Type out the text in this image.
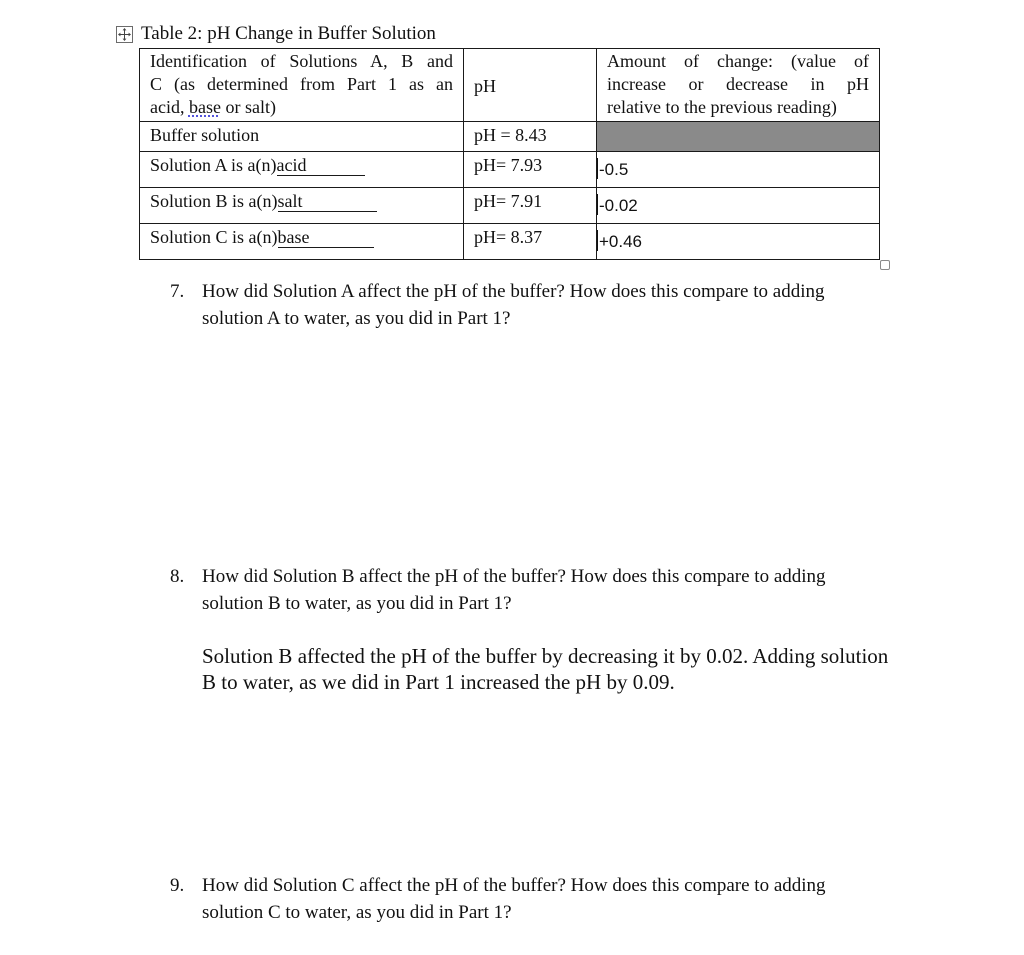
Table 2: pH Change in Buffer Solution
Identification of Solutions A, B and
C (as determined from Part 1 as an
acid, base or salt)	pH	Amount of change: (value of
increase or decrease in pH
relative to the previous reading)
Buffer solution	pH = 8.43	
Solution A is a(n)acid	pH= 7.93	-0.5
Solution B is a(n)salt	pH= 7.91	-0.02
Solution C is a(n)base	pH= 8.37	+0.46
7. How did Solution A affect the pH of the buffer? How does this compare to adding solution A to water, as you did in Part 1?
8. How did Solution B affect the pH of the buffer? How does this compare to adding solution B to water, as you did in Part 1?
Solution B affected the pH of the buffer by decreasing it by 0.02. Adding solution B to water, as we did in Part 1 increased the pH by 0.09.
9. How did Solution C affect the pH of the buffer? How does this compare to adding solution C to water, as you did in Part 1?
